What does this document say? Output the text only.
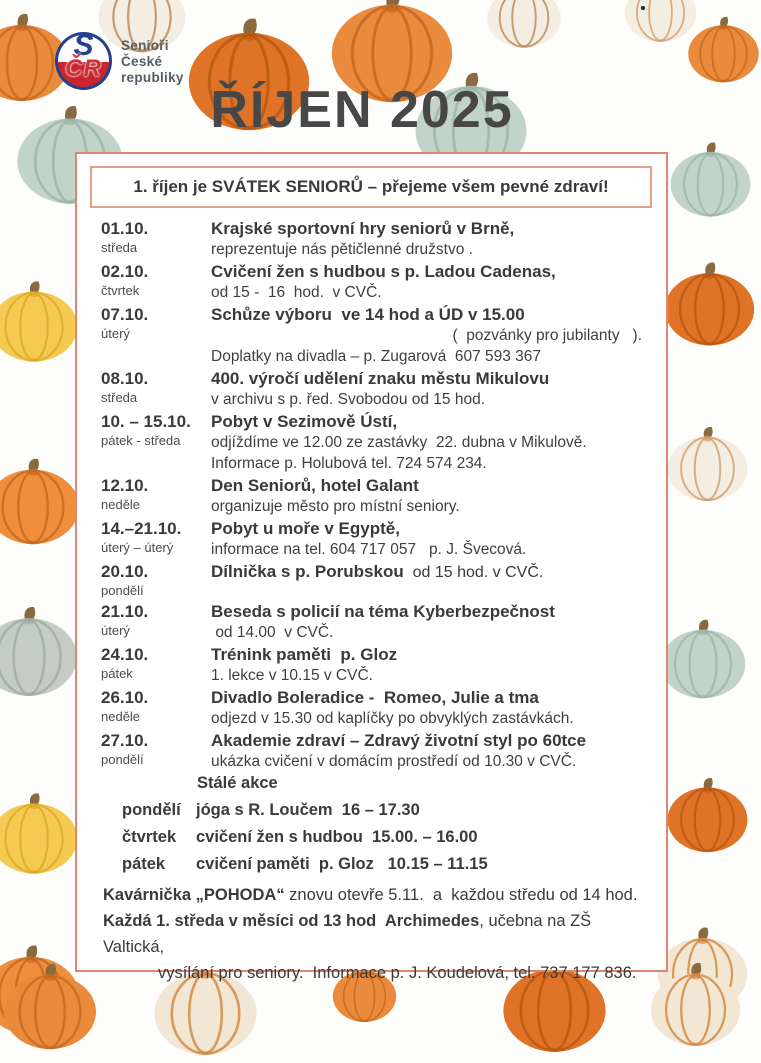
S
ČR
Senioři
České
republiky
ŘÍJEN 2025
1. říjen je SVÁTEK SENIORŮ – přejeme všem pevné zdraví!
01.10.
středa
Krajské sportovní hry seniorů v Brně,
reprezentuje nás pětičlenné družstvo .
02.10.
čtvrtek
Cvičení žen s hudbou s p. Ladou Cadenas,
od 15 -  16  hod.  v CVČ.
07.10.
úterý
Schůze výboru  ve 14 hod a ÚD v 15.00
(  pozvánky pro jubilanty   ).
Doplatky na divadla – p. Zugarová  607 593 367
08.10.
středa
400. výročí udělení znaku městu Mikulovu
v archivu s p. řed. Svobodou od 15 hod.
10. – 15.10.
pátek - středa
Pobyt v Sezimově Ústí,
odjíždíme ve 12.00 ze zastávky  22. dubna v Mikulově.
Informace p. Holubová tel. 724 574 234.
12.10.
neděle
Den Seniorů, hotel Galant
organizuje město pro místní seniory.
14.–21.10.
úterý – úterý
Pobyt u moře v Egyptě,
informace na tel. 604 717 057   p. J. Švecová.
20.10.
pondělí
Dílnička s p. Porubskou  od 15 hod. v CVČ.
21.10.
úterý
Beseda s policií na téma Kyberbezpečnost
od 14.00  v CVČ.
24.10.
pátek
Trénink paměti  p. Gloz
1. lekce v 10.15 v CVČ.
26.10.
neděle
Divadlo Boleradice -  Romeo, Julie a tma
odjezd v 15.30 od kaplíčky po obvyklých zastávkách.
27.10.
pondělí
Akademie zdraví – Zdravý životní styl po 60tce
ukázka cvičení v domácím prostředí od 10.30 v CVČ.
Stálé akce
pondělí jóga s R. Loučem  16 – 17.30
čtvrtek	cvičení žen s hudbou  15.00. – 16.00
pátek	cvičení paměti  p. Gloz   10.15 – 11.15
Kavárnička „POHODA“ znovu otevře 5.11.  a  každou středu od 14 hod.
Každá 1. středa v měsíci od 13 hod  Archimedes, učebna na ZŠ Valtická,
vysílání pro seniory.  Informace p. J. Koudelová, tel. 737 177 836.
